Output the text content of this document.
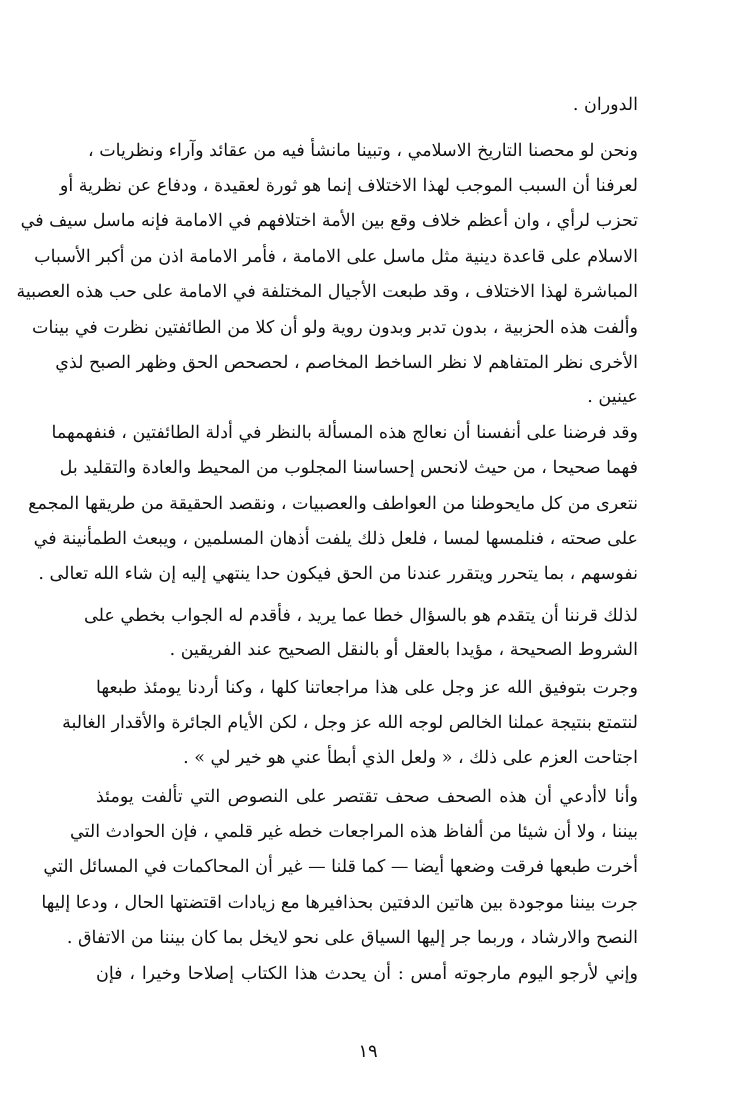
الدوران .
ونحن لو محصنا التاريخ الاسلامي ، وتبينا مانشأ فيه من عقائد وآراء ونظريات ،
لعرفنا أن السبب الموجب لهذا الاختلاف إنما هو ثورة لعقيدة ، ودفاع عن نظرية أو
تحزب لرأي ، وان أعظم خلاف وقع بين الأمة اختلافهم في الامامة فإنه ماسل سيف في
الاسلام على قاعدة دينية مثل ماسل على الامامة ، فأمر الامامة اذن من أكبر الأسباب
المباشرة لهذا الاختلاف ، وقد طبعت الأجيال المختلفة في الامامة على حب هذه العصبية
وألفت هذه الحزبية ، بدون تدبر وبدون روية ولو أن كلا من الطائفتين نظرت في بينات
الأخرى نظر المتفاهم لا نظر الساخط المخاصم ، لحصحص الحق وظهر الصبح لذي
عينين .
وقد فرضنا على أنفسنا أن نعالج هذه المسألة بالنظر في أدلة الطائفتين ، فنفهمهما
فهما صحيحا ، من حيث لانحس إحساسنا المجلوب من المحيط والعادة والتقليد بل
نتعرى من كل مايحوطنا من العواطف والعصبيات ، ونقصد الحقيقة من طريقها المجمع
على صحته ، فنلمسها لمسا ، فلعل ذلك يلفت أذهان المسلمين ، ويبعث الطمأنينة في
نفوسهم ، بما يتحرر ويتقرر عندنا من الحق فيكون حدا ينتهي إليه إن شاء الله تعالى .
لذلك قرننا أن يتقدم هو بالسؤال خطا عما يريد ، فأقدم له الجواب بخطي على
الشروط الصحيحة ، مؤيدا بالعقل أو بالنقل الصحيح عند الفريقين .
وجرت بتوفيق الله عز وجل على هذا مراجعاتنا كلها ، وكنا أردنا يومئذ طبعها
لنتمتع بنتيجة عملنا الخالص لوجه الله عز وجل ، لكن الأيام الجائرة والأقدار الغالبة
اجتاحت العزم على ذلك ، « ولعل الذي أبطأ عني هو خير لي » .
وأنا لاأدعي أن هذه الصحف صحف تقتصر على النصوص التي تألفت يومئذ
بيننا ، ولا أن شيئا من ألفاظ هذه المراجعات خطه غير قلمي ، فإن الحوادث التي
أخرت طبعها فرقت وضعها أيضا — كما قلنا — غير أن المحاكمات في المسائل التي
جرت بيننا موجودة بين هاتين الدفتين بحذافيرها مع زيادات اقتضتها الحال ، ودعا إليها
النصح والارشاد ، وربما جر إليها السياق على نحو لايخل بما كان بيننا من الاتفاق .
وإني لأرجو اليوم مارجوته أمس : أن يحدث هذا الكتاب إصلاحا وخيرا ، فإن
١٩
